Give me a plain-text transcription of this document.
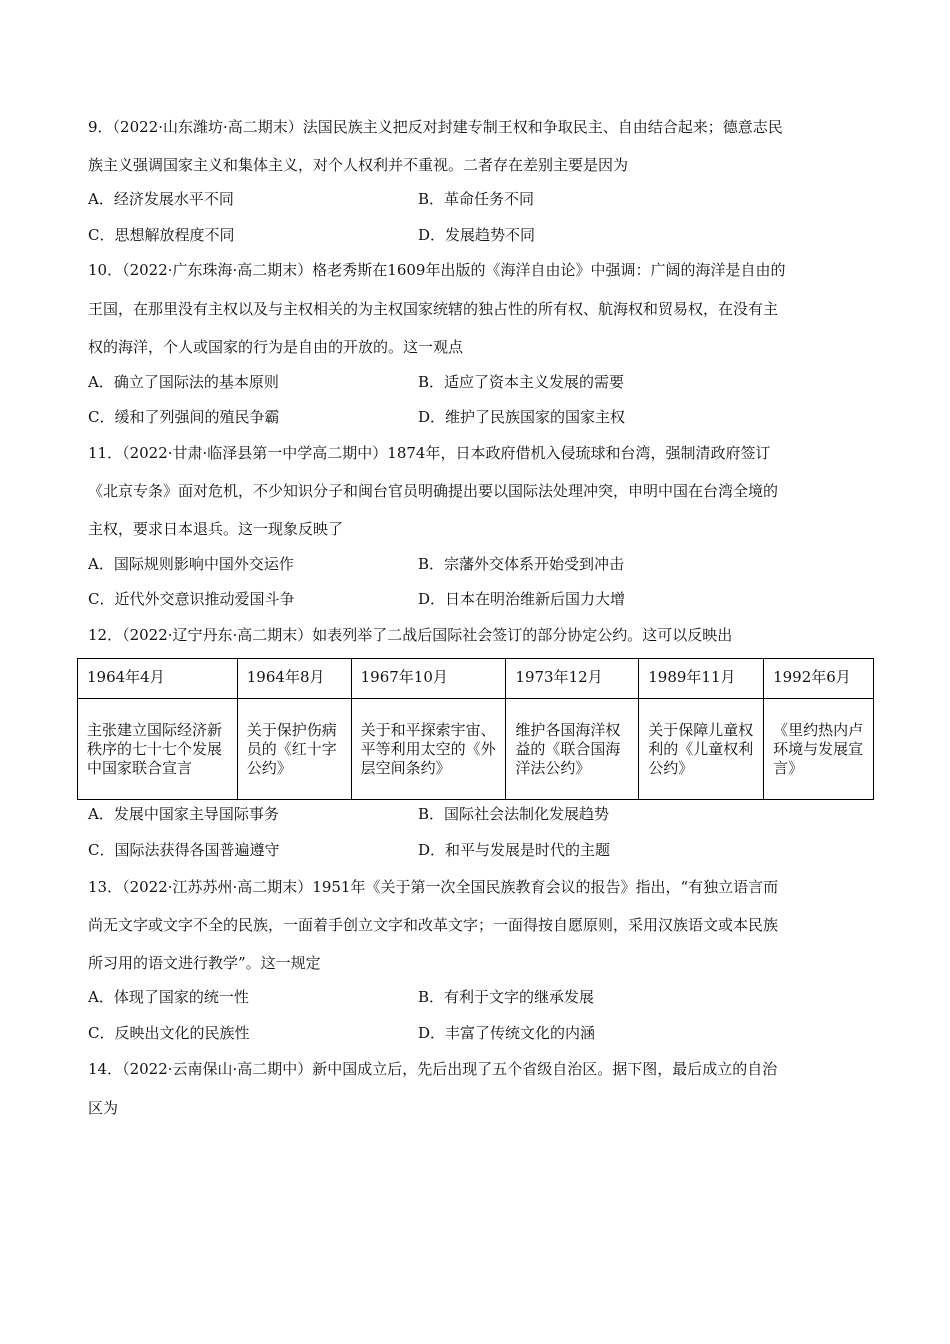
9．（2022·山东潍坊·高二期末）法国民族主义把反对封建专制王权和争取民主、自由结合起来；德意志民
族主义强调国家主义和集体主义，对个人权利并不重视。二者存在差别主要是因为
A．经济发展水平不同	B．革命任务不同
C．思想解放程度不同	D．发展趋势不同
10．（2022·广东珠海·高二期末）格老秀斯在1609年出版的《海洋自由论》中强调：广阔的海洋是自由的
王国，在那里没有主权以及与主权相关的为主权国家统辖的独占性的所有权、航海权和贸易权，在没有主
权的海洋，个人或国家的行为是自由的开放的。这一观点
A．确立了国际法的基本原则	B．适应了资本主义发展的需要
C．缓和了列强间的殖民争霸	D．维护了民族国家的国家主权
11．（2022·甘肃·临泽县第一中学高二期中）1874年，日本政府借机入侵琉球和台湾，强制清政府签订
《北京专条》面对危机，不少知识分子和闽台官员明确提出要以国际法处理冲突，申明中国在台湾全境的
主权，要求日本退兵。这一现象反映了
A．国际规则影响中国外交运作	B．宗藩外交体系开始受到冲击
C．近代外交意识推动爱国斗争	D．日本在明治维新后国力大增
12．（2022·辽宁丹东·高二期末）如表列举了二战后国际社会签订的部分协定公约。这可以反映出
1964年4月	1964年8月	1967年10月	1973年12月	1989年11月	1992年6月
主张建立国际经济新秩序的七十七个发展中国家联合宣言	关于保护伤病员的《红十字公约》	关于和平探索宇宙、平等利用太空的《外层空间条约》	维护各国海洋权益的《联合国海洋法公约》	关于保障儿童权利的《儿童权利公约》	《里约热内卢环境与发展宣言》
A．发展中国家主导国际事务	B．国际社会法制化发展趋势
C．国际法获得各国普遍遵守	D．和平与发展是时代的主题
13．（2022·江苏苏州·高二期末）1951年《关于第一次全国民族教育会议的报告》指出，“有独立语言而
尚无文字或文字不全的民族，一面着手创立文字和改革文字；一面得按自愿原则，采用汉族语文或本民族
所习用的语文进行教学”。这一规定
A．体现了国家的统一性	B．有利于文字的继承发展
C．反映出文化的民族性	D．丰富了传统文化的内涵
14．（2022·云南保山·高二期中）新中国成立后，先后出现了五个省级自治区。据下图，最后成立的自治
区为
